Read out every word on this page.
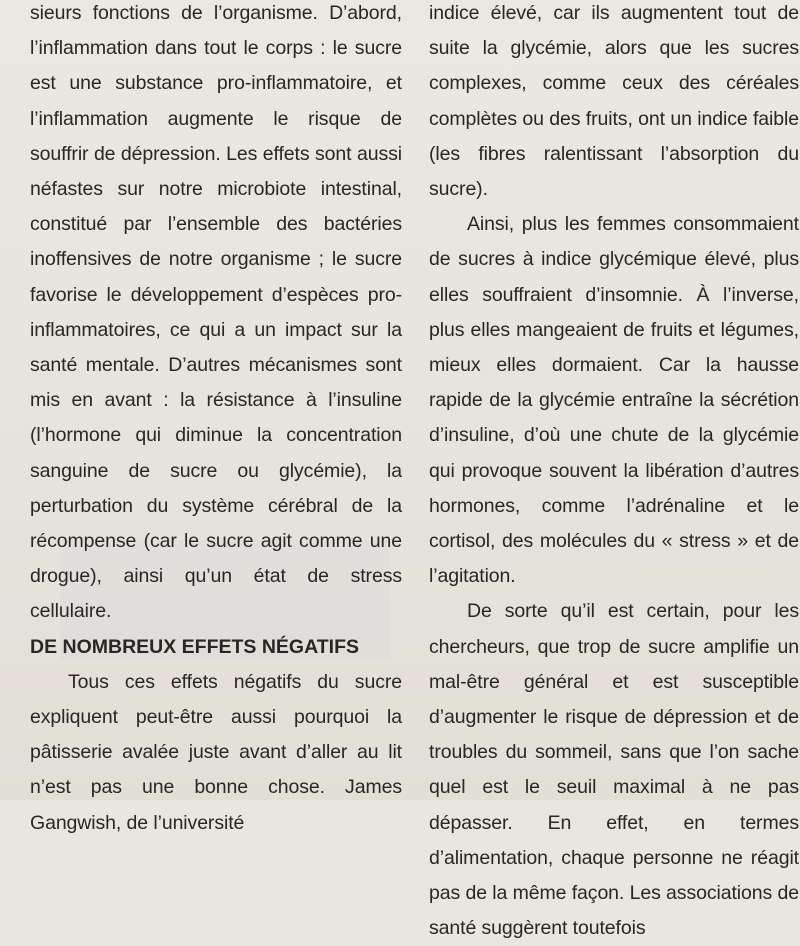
sieurs fonctions de l’organisme. D’abord, l’inflammation dans tout le corps : le sucre est une substance pro-inflammatoire, et l’inflammation augmente le risque de souffrir de dépression. Les effets sont aussi néfastes sur notre microbiote intestinal, constitué par l’ensemble des bactéries inoffensives de notre organisme ; le sucre favorise le développement d’espèces pro-inflammatoires, ce qui a un impact sur la santé mentale. D’autres mécanismes sont mis en avant : la résistance à l’insuline (l’hormone qui diminue la concentration sanguine de sucre ou glycémie), la perturbation du système cérébral de la récompense (car le sucre agit comme une drogue), ainsi qu’un état de stress cellulaire.

DE NOMBREUX EFFETS NÉGATIFS

Tous ces effets négatifs du sucre expliquent peut-être aussi pourquoi la pâtisserie avalée juste avant d’aller au lit n’est pas une bonne chose. James Gangwish, de l’université

indice élevé, car ils augmentent tout de suite la glycémie, alors que les sucres complexes, comme ceux des céréales complètes ou des fruits, ont un indice faible (les fibres ralentissant l’absorption du sucre).

Ainsi, plus les femmes consommaient de sucres à indice glycémique élevé, plus elles souffraient d’insomnie. À l’inverse, plus elles mangeaient de fruits et légumes, mieux elles dormaient. Car la hausse rapide de la glycémie entraîne la sécrétion d’insuline, d’où une chute de la glycémie qui provoque souvent la libération d’autres hormones, comme l’adrénaline et le cortisol, des molécules du « stress » et de l’agitation.

De sorte qu’il est certain, pour les chercheurs, que trop de sucre amplifie un mal-être général et est susceptible d’augmenter le risque de dépression et de troubles du sommeil, sans que l’on sache quel est le seuil maximal à ne pas dépasser. En effet, en termes d’alimentation, chaque personne ne réagit pas de la même façon. Les associations de santé suggèrent toutefois
